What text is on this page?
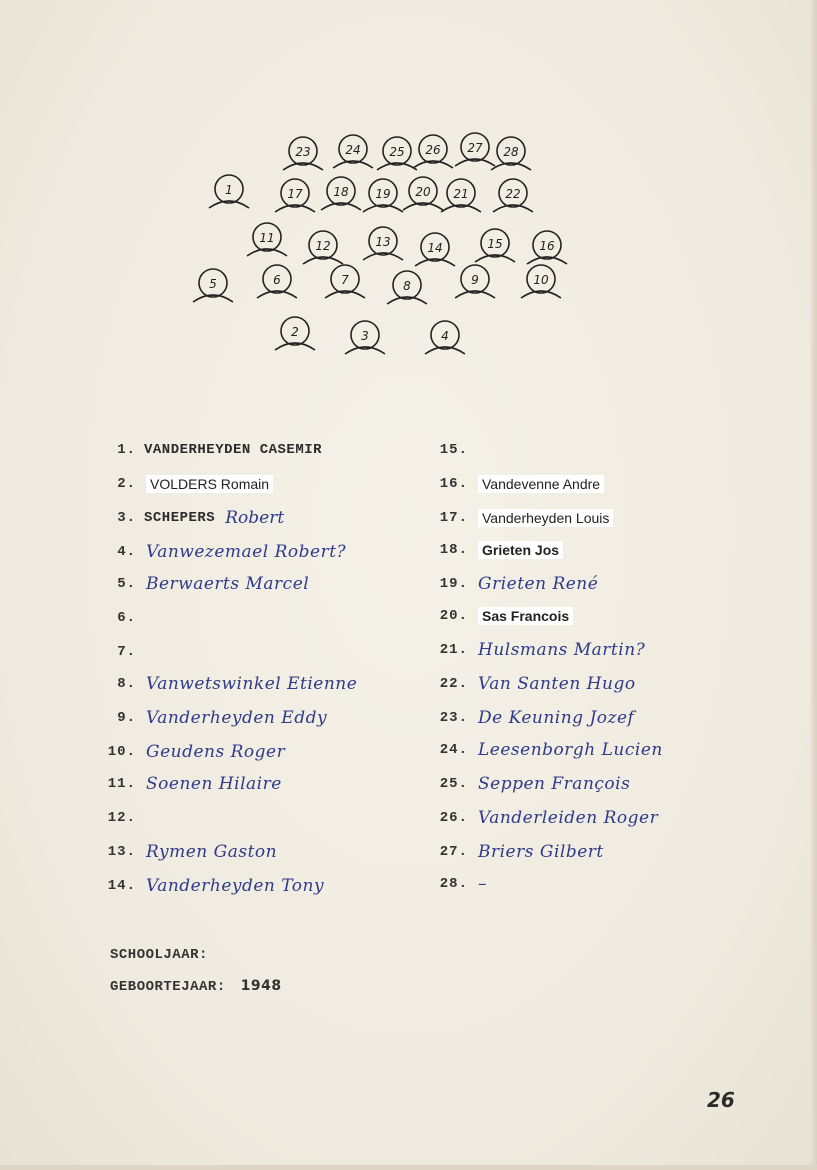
1
2	3	4
5	6	7	8	9	10
11
12	13	14	15	16
17	18 19 20 21	22
23	24 25 26 27 28
1. VANDERHEYDEN CASEMIR
2. VOLDERS Romain
3. SCHEPERS Robert
4. Vanwezemael Robert?
5. Berwaerts Marcel
6.
7.
8. Vanwetswinkel Etienne
9. Vanderheyden Eddy
10. Geudens Roger
11. Soenen Hilaire
12.
13. Rymen Gaston
14. Vanderheyden Tony
15.
16. Vandevenne Andre
17. Vanderheyden Louis
18. Grieten Jos
19. Grieten René
20. Sas Francois
21. Hulsmans Martin?
22. Van Santen Hugo
23. De Keuning Jozef
24. Leesenborgh Lucien
25. Seppen François
26. Vanderleiden Roger
27. Briers Gilbert
28. –
SCHOOLJAAR:
GEBOORTEJAAR: 1948
26
